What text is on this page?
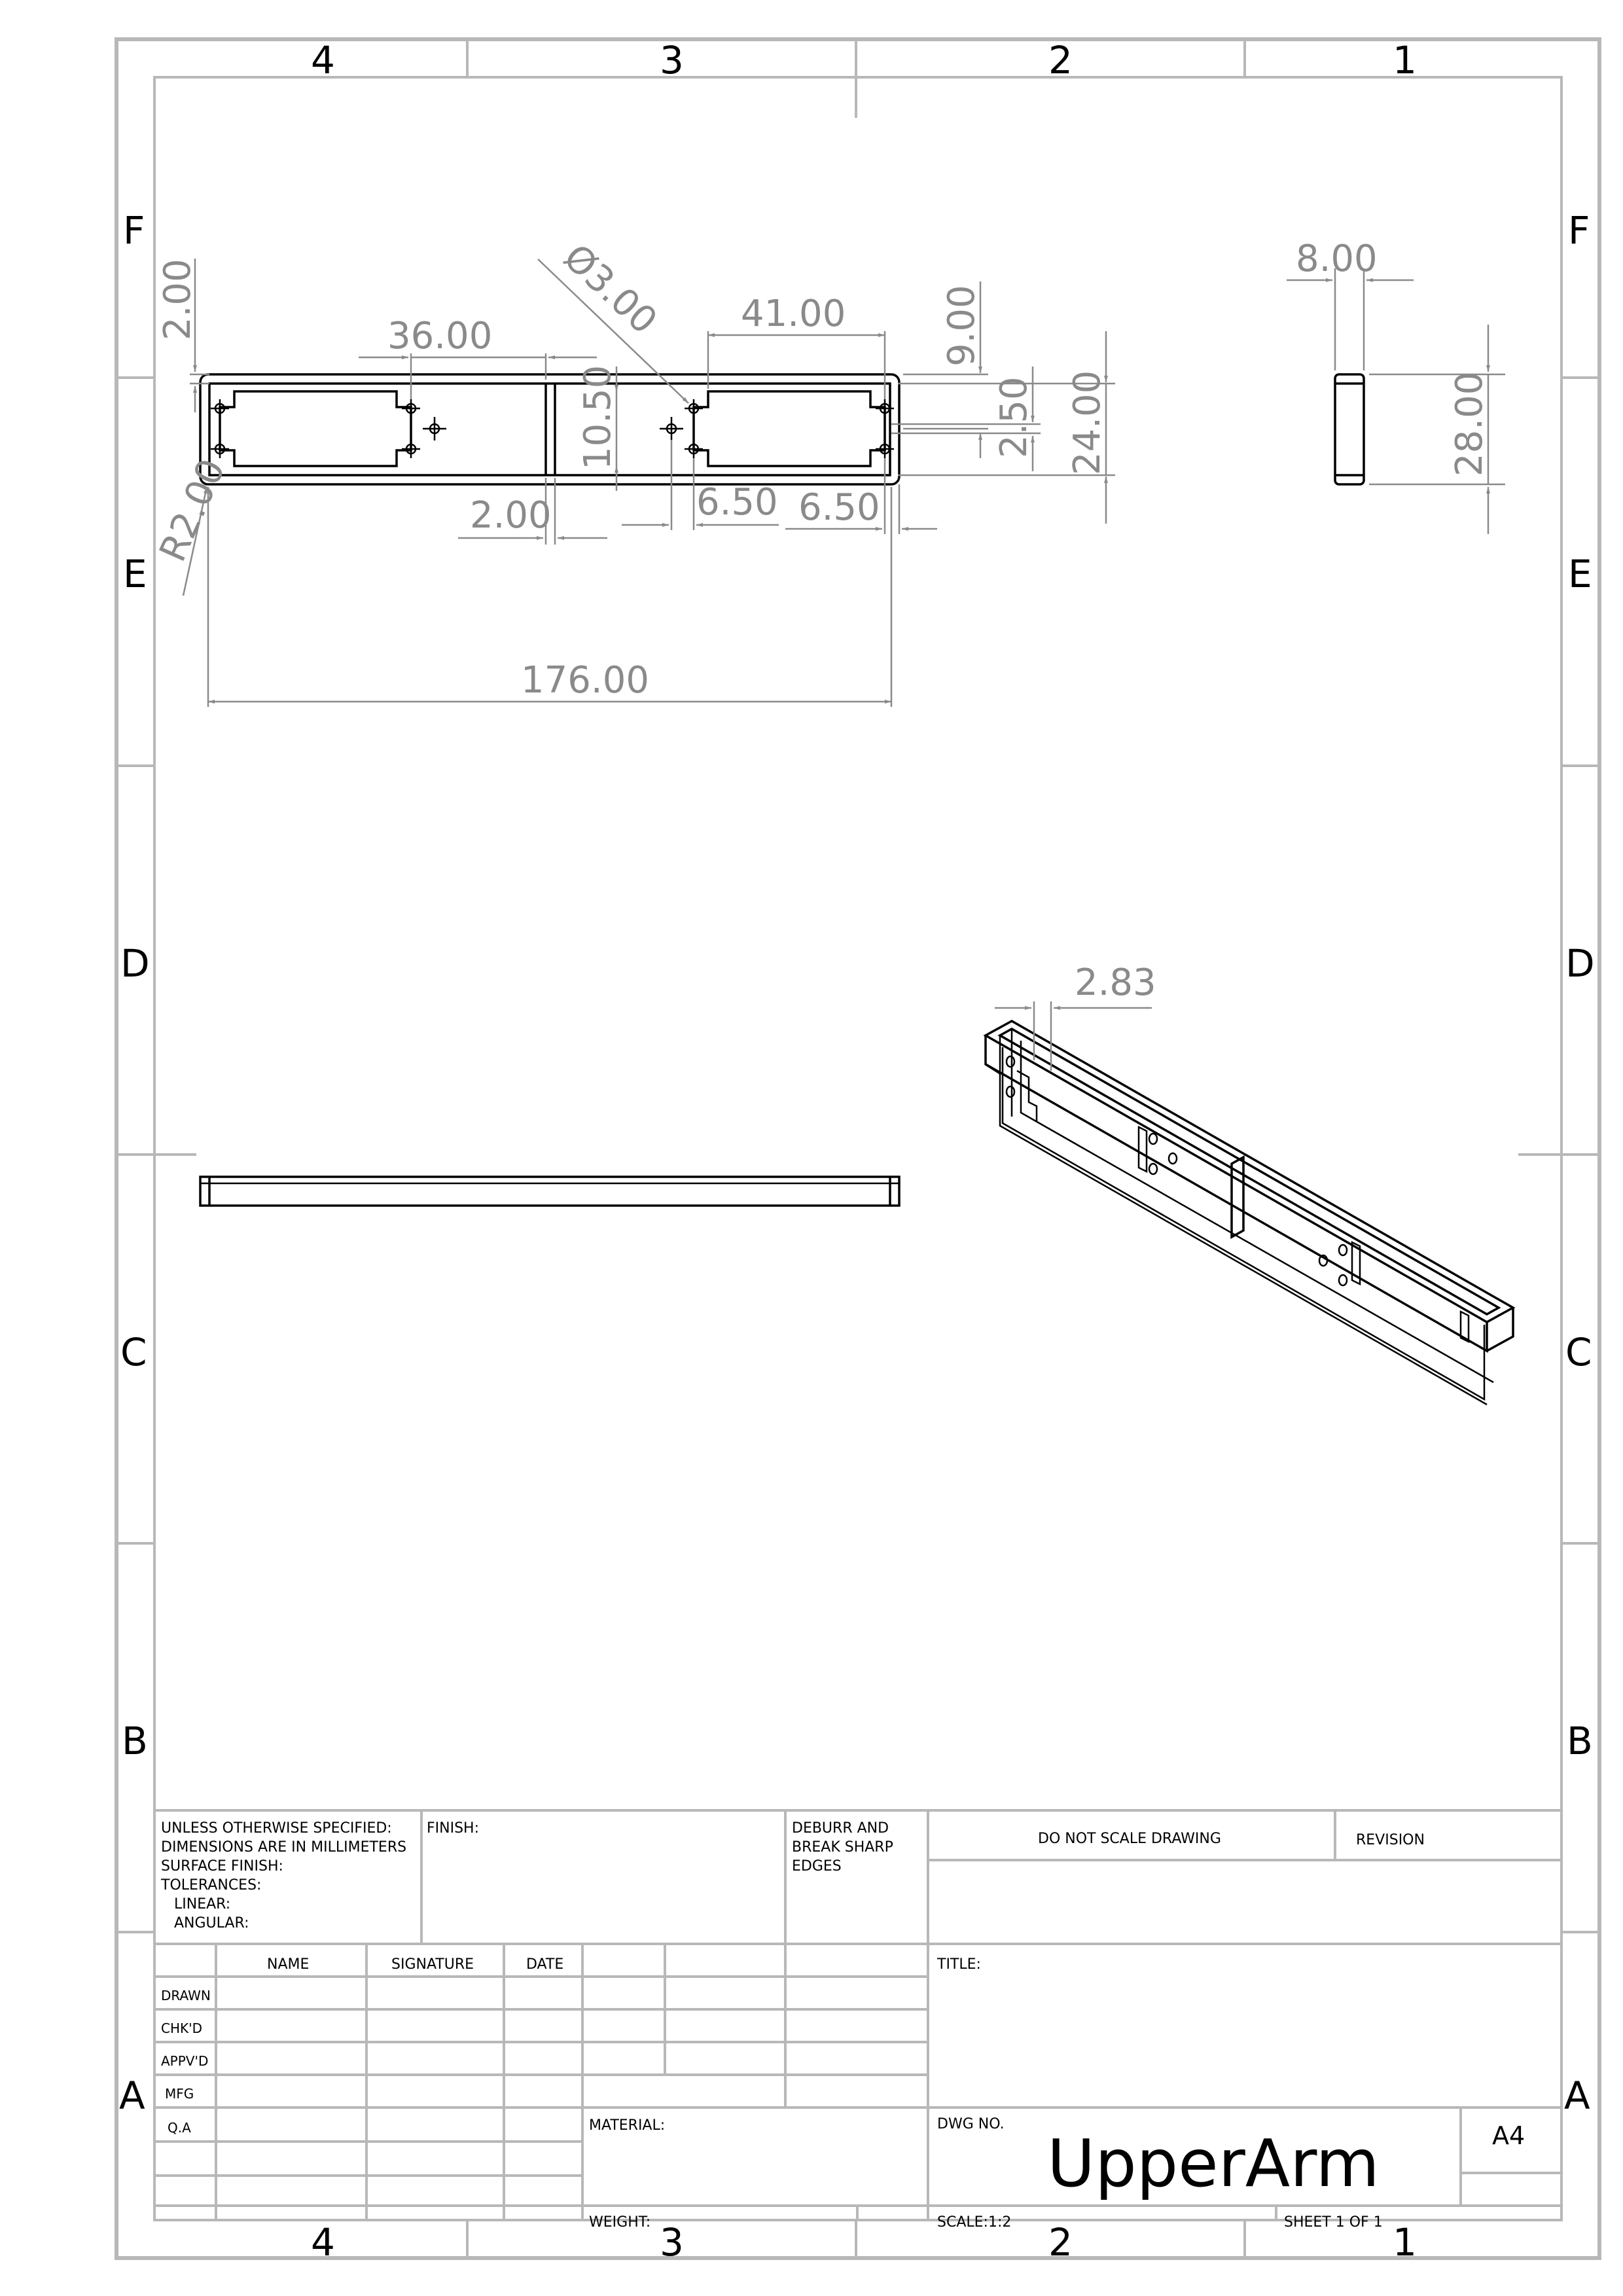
4	3	2	1
4	3	2	1
F
E
D
C
B
A
F
E
D
C
B
A
2.00	36.00 Ø3.00 41.00	9.00
10.50	2.50 24.00
R2.00	2.00	6.50 6.50
176.00
8.00
28.00
2.83
UNLESS OTHERWISE SPECIFIED:
DIMENSIONS ARE IN MILLIMETERS
SURFACE FINISH:
TOLERANCES:
LINEAR:
ANGULAR:
FINISH:	DEBURR AND
BREAK SHARP
EDGES
DO NOT SCALE DRAWING	REVISION
NAME	SIGNATURE	DATE
DRAWN
CHK'D
APPV'D
MFG
Q.A
TITLE:
MATERIAL:
WEIGHT:
DWG NO.
UpperArm	A4
SCALE:1:2	SHEET 1 OF 1
